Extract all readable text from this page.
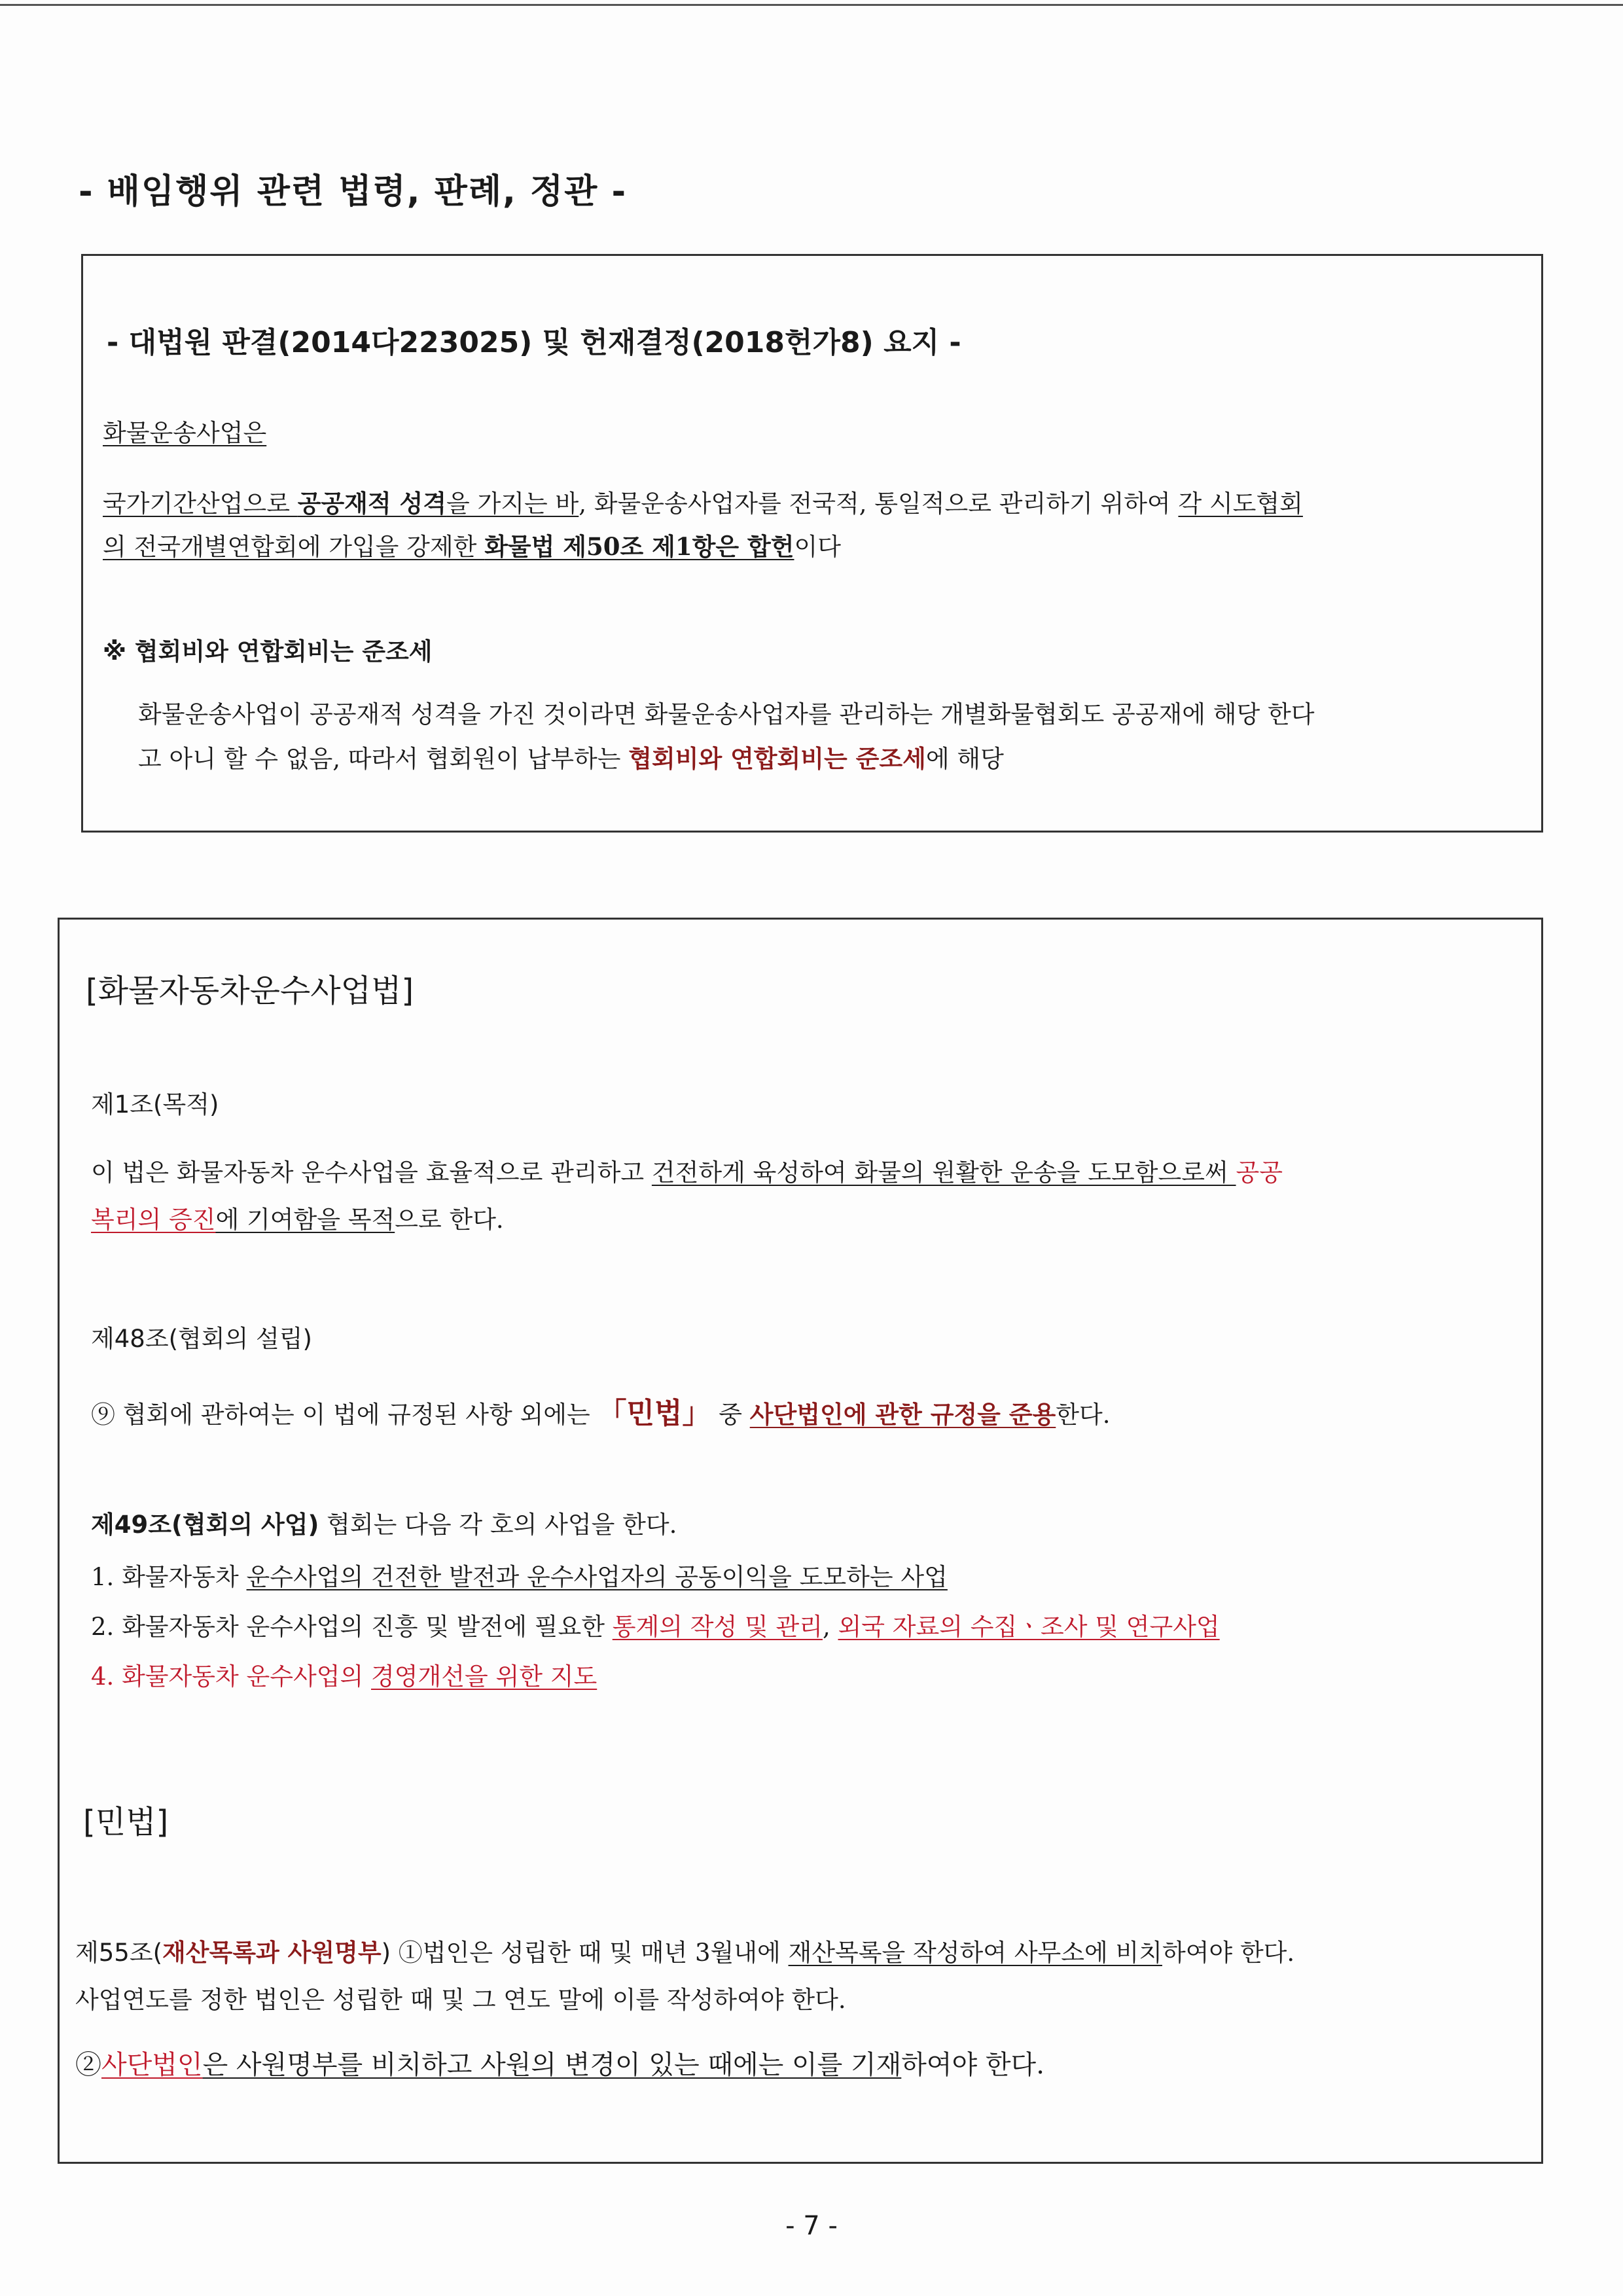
- 배임행위 관련 법령, 판례, 정관 -

- 대법원 판결(2014다223025) 및 헌재결정(2018헌가8) 요지 -

화물운송사업은

국가기간산업으로 공공재적 성격을 가지는 바, 화물운송사업자를 전국적, 통일적으로 관리하기 위하여 각 시도협회

의 전국개별연합회에 가입을 강제한 화물법 제50조 제1항은 합헌이다

※ 협회비와 연합회비는 준조세

화물운송사업이 공공재적 성격을 가진 것이라면 화물운송사업자를 관리하는 개별화물협회도 공공재에 해당 한다

고 아니 할 수 없음, 따라서 협회원이 납부하는 협회비와 연합회비는 준조세에 해당

[화물자동차운수사업법]

제1조(목적)

이 법은 화물자동차 운수사업을 효율적으로 관리하고 건전하게 육성하여 화물의 원활한 운송을 도모함으로써 공공

복리의 증진에 기여함을 목적으로 한다.

제48조(협회의 설립)

⑨ 협회에 관하여는 이 법에 규정된 사항 외에는 「민법」 중 사단법인에 관한 규정을 준용한다.

제49조(협회의 사업) 협회는 다음 각 호의 사업을 한다.

1. 화물자동차 운수사업의 건전한 발전과 운수사업자의 공동이익을 도모하는 사업

2. 화물자동차 운수사업의 진흥 및 발전에 필요한 통계의 작성 및 관리, 외국 자료의 수집ㆍ조사 및 연구사업

4. 화물자동차 운수사업의 경영개선을 위한 지도

[민법]

제55조(재산목록과 사원명부) ①법인은 성립한 때 및 매년 3월내에 재산목록을 작성하여 사무소에 비치하여야 한다.

사업연도를 정한 법인은 성립한 때 및 그 연도 말에 이를 작성하여야 한다.

②사단법인은 사원명부를 비치하고 사원의 변경이 있는 때에는 이를 기재하여야 한다.

- 7 -
